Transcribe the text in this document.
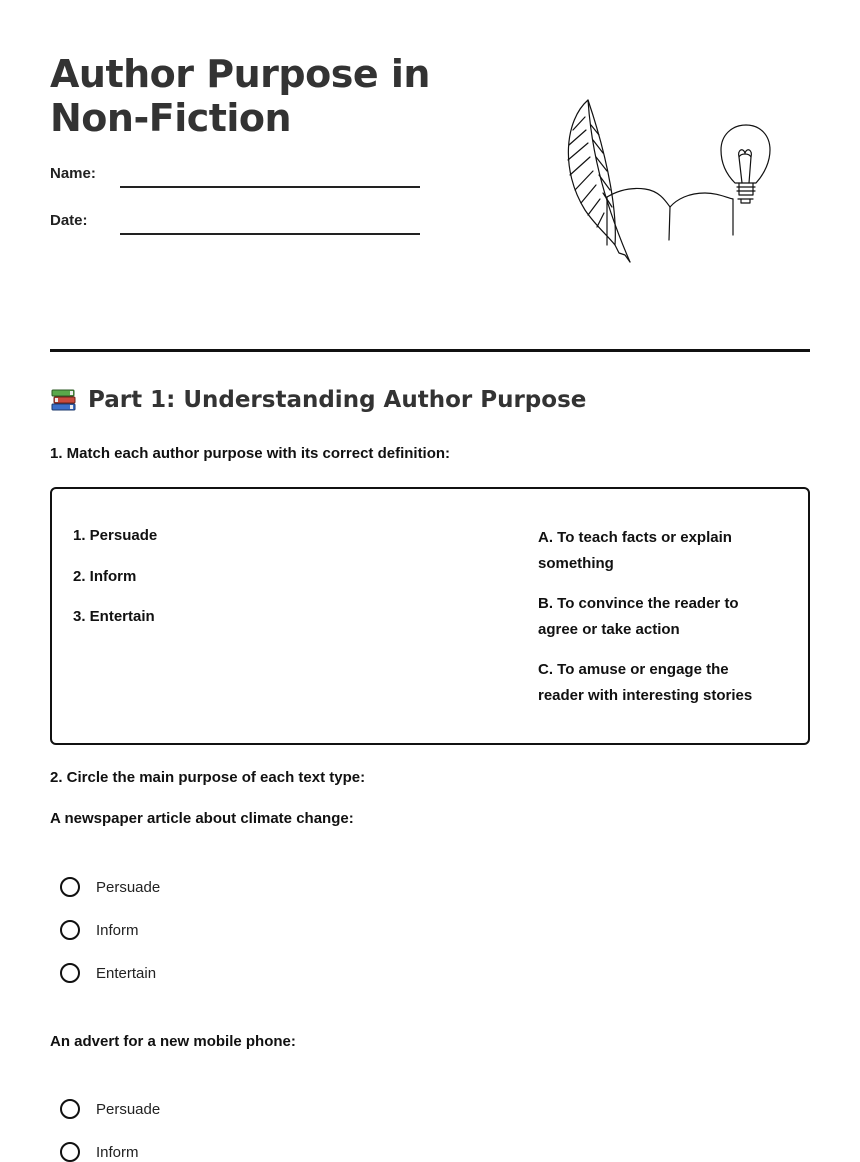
Author Purpose in Non-Fiction
Name:
Date:
Part 1: Understanding Author Purpose
1. Match each author purpose with its correct definition:
1. Persuade
2. Inform
3. Entertain
A. To teach facts or explain something
B. To convince the reader to agree or take action
C. To amuse or engage the reader with interesting stories
2. Circle the main purpose of each text type:
A newspaper article about climate change:
Persuade
Inform
Entertain
An advert for a new mobile phone:
Persuade
Inform
